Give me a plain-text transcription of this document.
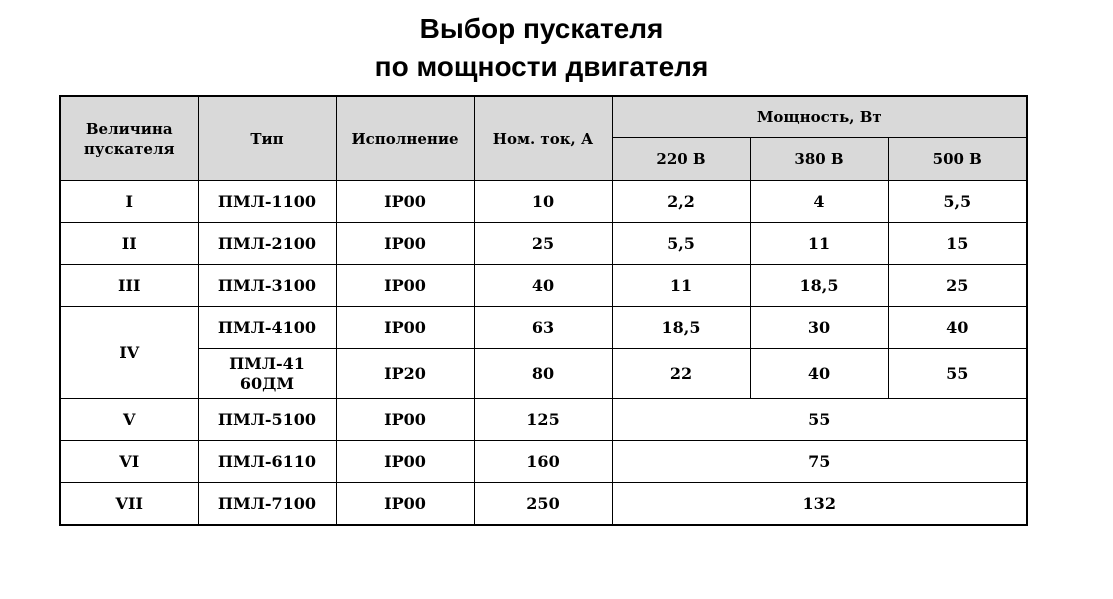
Выбор пускателя
по мощности двигателя
Величина пускателя	Тип	Исполнение	Ном. ток, А	Мощность, Вт		
				220 В	380 В	500 В
I	ПМЛ-1100	IP00	10	2,2	4	5,5
II	ПМЛ-2100	IP00	25	5,5	11	15
III	ПМЛ-3100	IP00	40	11	18,5	25
IV	ПМЛ-4100	IP00	63	18,5	30	40
	ПМЛ-4160ДМ	IP20	80	22	40	55
V	ПМЛ-5100	IP00	125	55		
VI	ПМЛ-6110	IP00	160	75		
VII	ПМЛ-7100	IP00	250	132		
